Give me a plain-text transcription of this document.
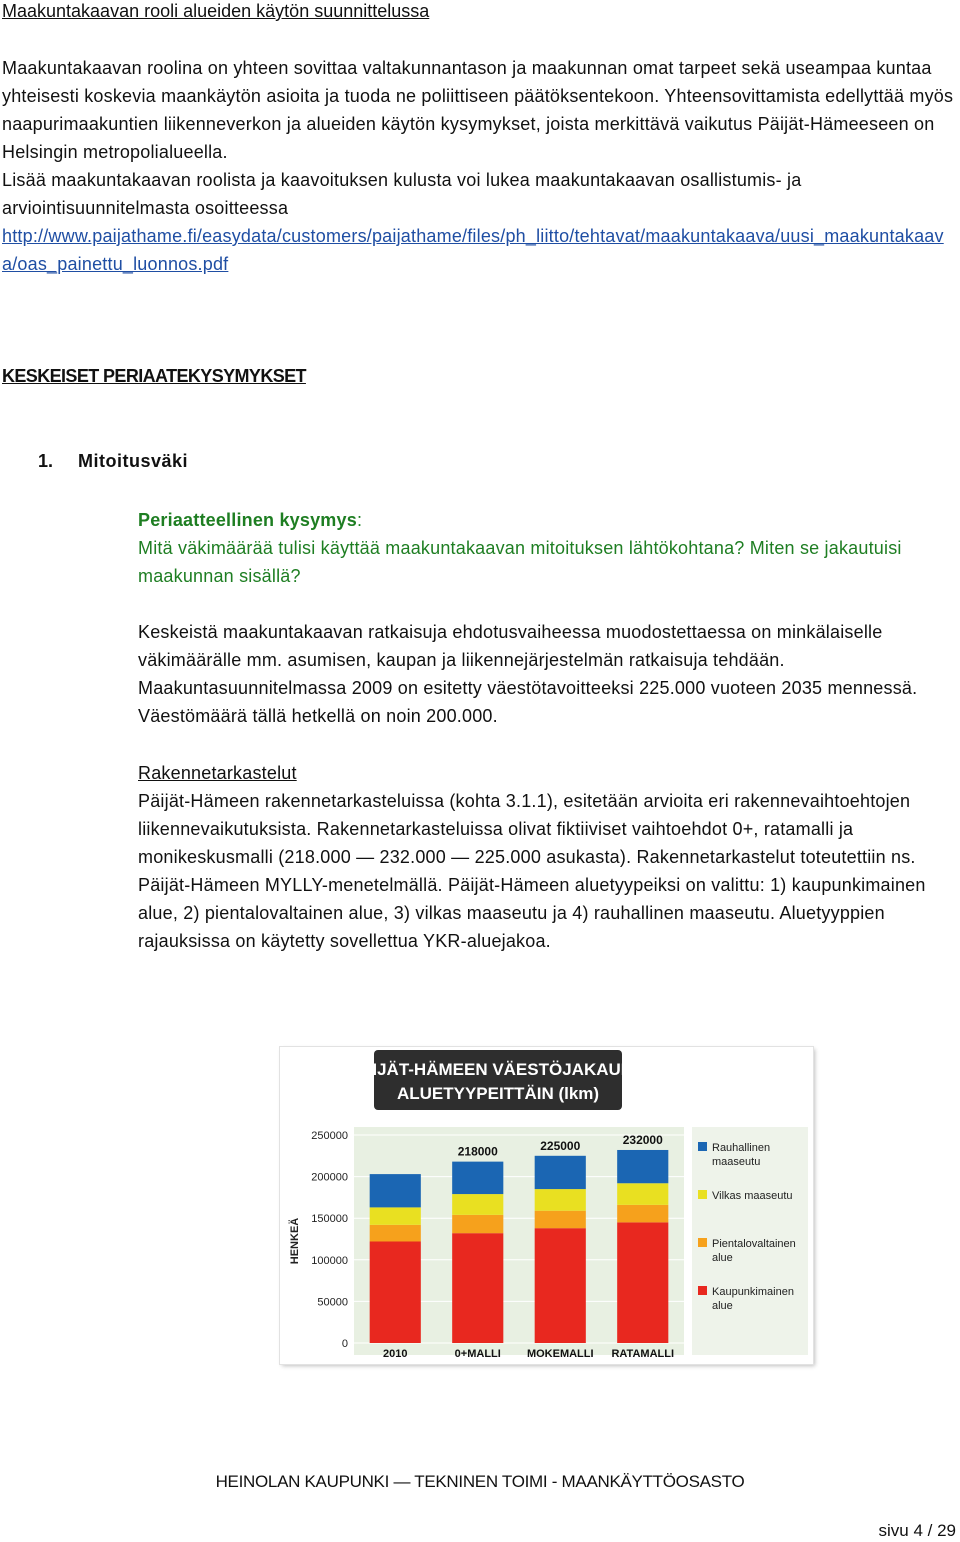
Maakuntakaavan rooli alueiden käytön suunnittelussa

Maakuntakaavan roolina on yhteen sovittaa valtakunnantason ja maakunnan omat tarpeet sekä useampaa kuntaa yhteisesti koskevia maankäytön asioita ja tuoda ne poliittiseen päätöksentekoon. Yhteensovittamista edellyttää myös naapurimaakuntien liikenneverkon ja alueiden käytön kysymykset, joista merkittävä vaikutus Päijät-Hämeeseen on Helsingin metropolialueella.

Lisää maakuntakaavan roolista ja kaavoituksen kulusta voi lukea maakuntakaavan osallistumis- ja arviointisuunnitelmasta osoitteessa

http://www.paijathame.fi/easydata/customers/paijathame/files/ph_liitto/tehtavat/maakuntakaava/uusi_maakuntakaava/oas_painettu_luonnos.pdf
KESKEISET PERIAATEKYSYMYKSET
1. Mitoitusväki
Periaatteellinen kysymys:
Mitä väkimäärää tulisi käyttää maakuntakaavan mitoituksen lähtökohtana? Miten se jakautuisi maakunnan sisällä?
Keskeistä maakuntakaavan ratkaisuja ehdotusvaiheessa muodostettaessa on minkälaiselle väkimäärälle mm. asumisen, kaupan ja liikennejärjestelmän ratkaisuja tehdään. Maakuntasuunnitelmassa 2009 on esitetty väestötavoitteeksi 225.000 vuoteen 2035 mennessä. Väestömäärä tällä hetkellä on noin 200.000.
Rakennetarkastelut
Päijät-Hämeen rakennetarkasteluissa (kohta 3.1.1), esitetään arvioita eri rakennevaihtoehtojen liikennevaikutuksista. Rakennetarkasteluissa olivat fiktiiviset vaihtoehdot 0+, ratamalli ja monikeskusmalli (218.000 — 232.000 — 225.000 asukasta). Rakennetarkastelut toteutettiin ns. Päijät-Hämeen MYLLY-menetelmällä. Päijät-Hämeen aluetyypeiksi on valittu: 1) kaupunkimainen alue, 2) pientalovaltainen alue, 3) vilkas maaseutu ja 4) rauhallinen maaseutu. Aluetyyppien rajauksissa on käytetty sovellettua YKR-aluejakoa.
PÄIJÄT-HÄMEEN VÄESTÖJAKAUMA
ALUETYYPEITTÄIN (lkm)
HENKEÄ
0
50000
100000
150000
200000
250000
218000	225000	232000
2010	0+MALLI MOKEMALLI RATAMALLI
Rauhallinen
maaseutu
Vilkas maaseutu
Pientalovaltainen
alue
Kaupunkimainen
alue
HEINOLAN KAUPUNKI — TEKNINEN TOIMI - MAANKÄYTTÖOSASTO
sivu 4 / 29
